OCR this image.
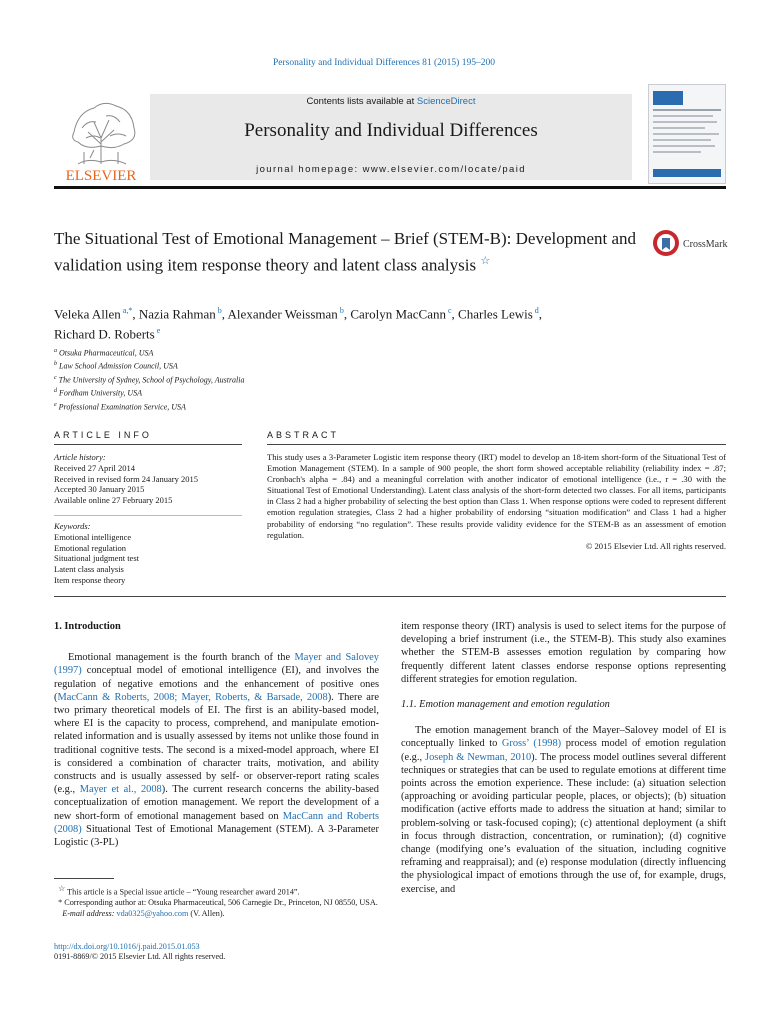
Personality and Individual Differences 81 (2015) 195–200
ELSEVIER
Contents lists available at ScienceDirect
Personality and Individual Differences
journal homepage: www.elsevier.com/locate/paid
The Situational Test of Emotional Management – Brief (STEM-B): Development and validation using item response theory and latent class analysis ☆
CrossMark
Veleka Allen $^{a,*}$, Nazia Rahman $^b$, Alexander Weissman $^b$, Carolyn MacCann $^c$, Charles Lewis $^d$,
Richard D. Roberts $^e$
$^a$ Otsuka Pharmaceutical, USA
$^b$ Law School Admission Council, USA
$^c$ The University of Sydney, School of Psychology, Australia
$^d$ Fordham University, USA
$^e$ Professional Examination Service, USA
ARTICLE INFO	ABSTRACT
Article history:
Received 27 April 2014
Received in revised form 24 January 2015
Accepted 30 January 2015
Available online 27 February 2015
Keywords:
Emotional intelligence
Emotional regulation
Situational judgment test
Latent class analysis
Item response theory
This study uses a 3-Parameter Logistic item response theory (IRT) model to develop an 18-item short-form of the Situational Test of Emotion Management (STEM). In a sample of 900 people, the short form showed acceptable reliability (reliability index = .87; Cronbach's alpha = .84) and a meaningful correlation with another indicator of emotional intelligence (i.e., r = .30 with the Situational Test of Emotional Understanding). Latent class analysis of the short-form detected two classes. For all items, participants in Class 2 had a higher probability of selecting the best option than Class 1. When response options were coded to represent different emotion regulation strategies, Class 2 had a higher probability of endorsing “situation modification” and Class 1 had a higher probability of endorsing “no regulation”. These results provide validity evidence for the STEM-B as an assessment of emotion regulation.
© 2015 Elsevier Ltd. All rights reserved.
1. Introduction

Emotional management is the fourth branch of the Mayer and Salovey (1997) conceptual model of emotional intelligence (EI), and involves the regulation of negative emotions and the enhancement of positive ones (MacCann & Roberts, 2008; Mayer, Roberts, & Barsade, 2008). There are two primary theoretical models of EI. The first is an ability-based model, where EI is the capacity to process, comprehend, and manipulate emotion-related information and is usually assessed by items not unlike those found in traditional cognitive tests. The second is a mixed-model approach, where EI is considered a combination of character traits, motivation, and ability constructs and is usually assessed by self- or observer-report rating scales (e.g., Mayer et al., 2008). The current research concerns the ability-based conceptualization of emotion management. We report the development of a new short-form of emotional management based on MacCann and Roberts (2008) Situational Test of Emotional Management (STEM). A 3-Parameter Logistic (3-PL)

item response theory (IRT) analysis is used to select items for the purpose of developing a brief instrument (i.e., the STEM-B). This study also examines whether the STEM-B assesses emotion regulation by comparing how frequently different latent classes endorse response options representing different strategies for emotion regulation.

1.1. Emotion management and emotion regulation

The emotion management branch of the Mayer–Salovey model of EI is conceptually linked to Gross’ (1998) process model of emotion regulation (e.g., Joseph & Newman, 2010). The process model outlines several different techniques or strategies that can be used to regulate emotions at different time points across the emotion experience. These include: (a) situation selection (approaching or avoiding particular people, places, or objects); (b) situation modification (active efforts made to address the situation at hand; similar to problem-solving or task-focused coping); (c) attentional deployment (a shift in focus through distraction, concentration, or rumination); (d) cognitive change (modifying one’s evaluation of the situation, including cognitive reframing and reappraisal); and (e) response modulation (directly influencing the physiological impact of emotions through the use of, for example, drugs, exercise, and

☆ This article is a Special issue article – “Young researcher award 2014”.
* Corresponding author at: Otsuka Pharmaceutical, 506 Carnegie Dr., Princeton, NJ 08550, USA.
E-mail address: vda0325@yahoo.com (V. Allen).
http://dx.doi.org/10.1016/j.paid.2015.01.053
0191-8869/© 2015 Elsevier Ltd. All rights reserved.
